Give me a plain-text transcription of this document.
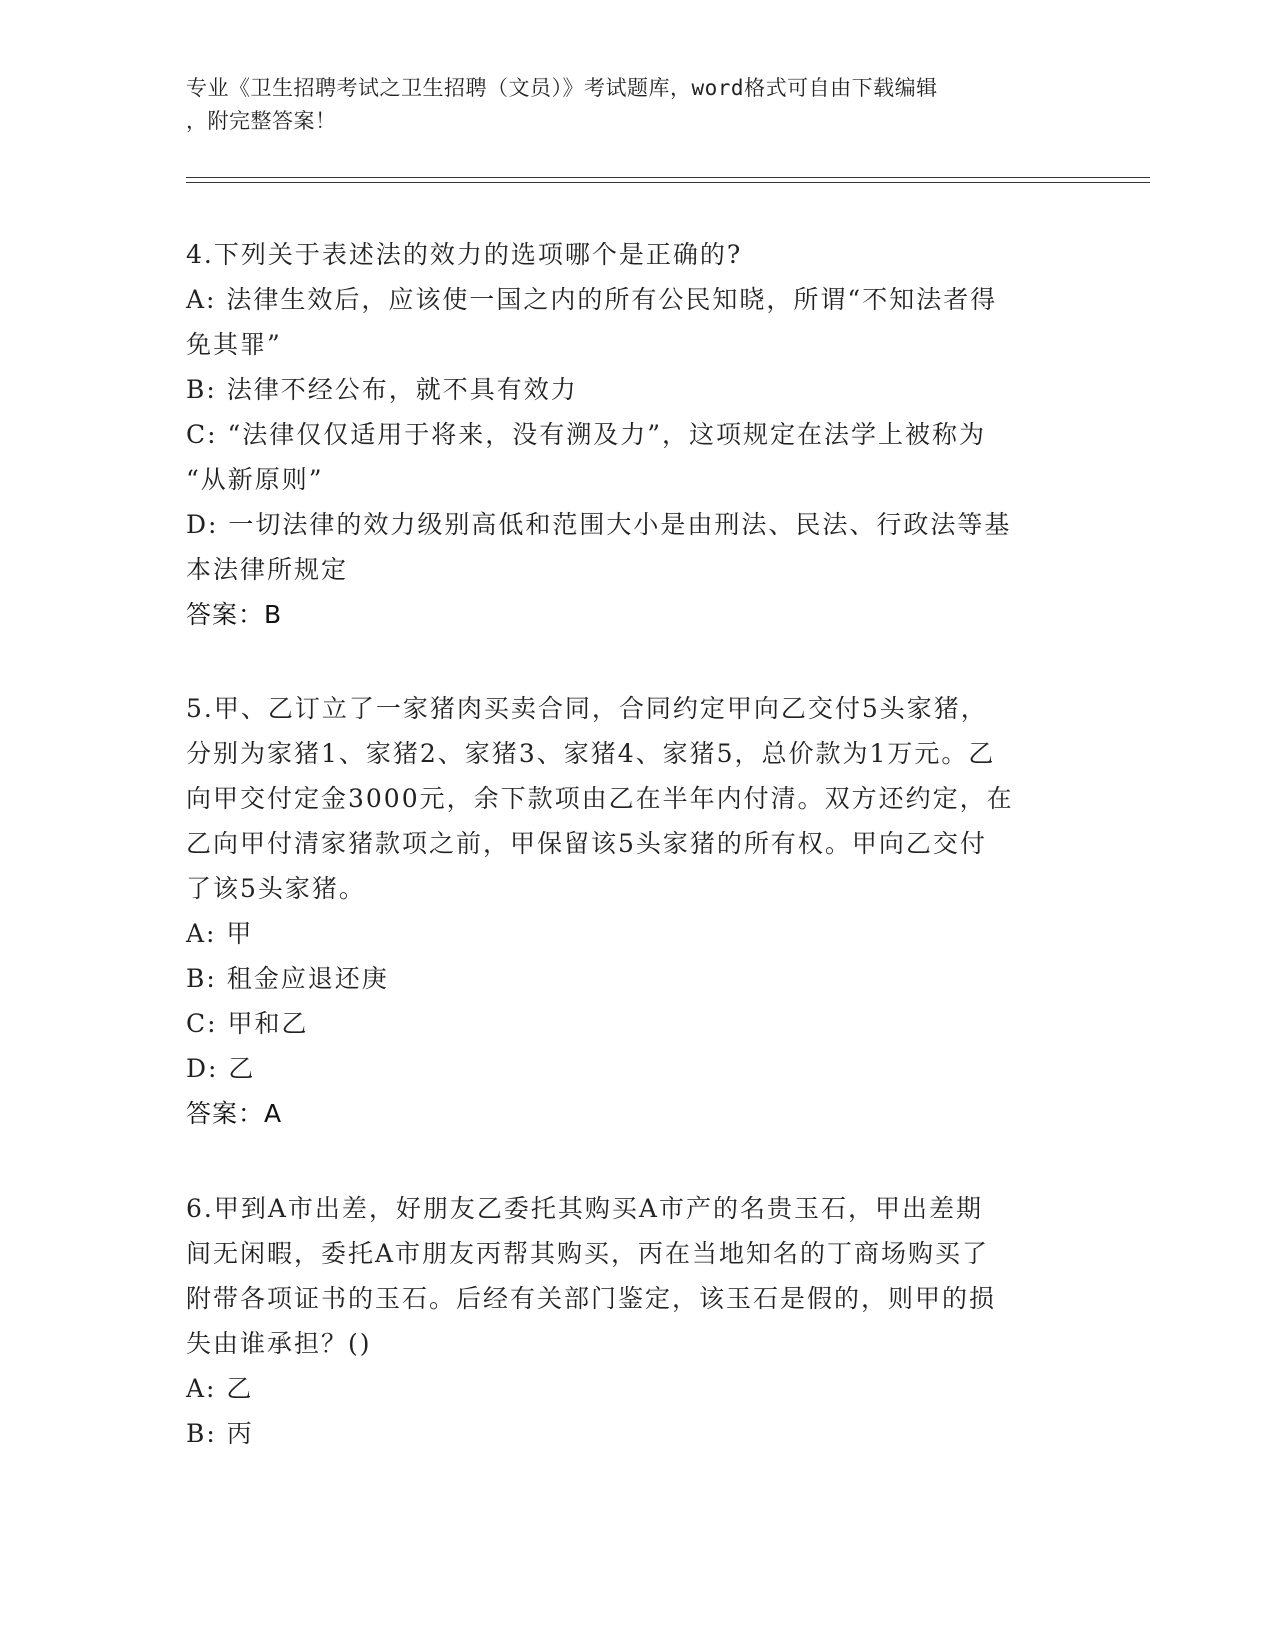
专业《卫生招聘考试之卫生招聘（文员）》考试题库，word格式可自由下载编辑
，附完整答案！
4.下列关于表述法的效力的选项哪个是正确的?
A: 法律生效后，应该使一国之内的所有公民知晓，所谓“不知法者得
免其罪”
B: 法律不经公布，就不具有效力
C: “法律仅仅适用于将来，没有溯及力”，这项规定在法学上被称为
“从新原则”
D: 一切法律的效力级别高低和范围大小是由刑法、民法、行政法等基
本法律所规定
答案：B
5.甲、乙订立了一家猪肉买卖合同，合同约定甲向乙交付5头家猪，
分别为家猪1、家猪2、家猪3、家猪4、家猪5，总价款为1万元。乙
向甲交付定金3000元，余下款项由乙在半年内付清。双方还约定，在
乙向甲付清家猪款项之前，甲保留该5头家猪的所有权。甲向乙交付
了该5头家猪。
A: 甲
B: 租金应退还庚
C: 甲和乙
D: 乙
答案：A
6.甲到A市出差，好朋友乙委托其购买A市产的名贵玉石，甲出差期
间无闲暇，委托A市朋友丙帮其购买，丙在当地知名的丁商场购买了
附带各项证书的玉石。后经有关部门鉴定，该玉石是假的，则甲的损
失由谁承担？()
A: 乙
B: 丙
